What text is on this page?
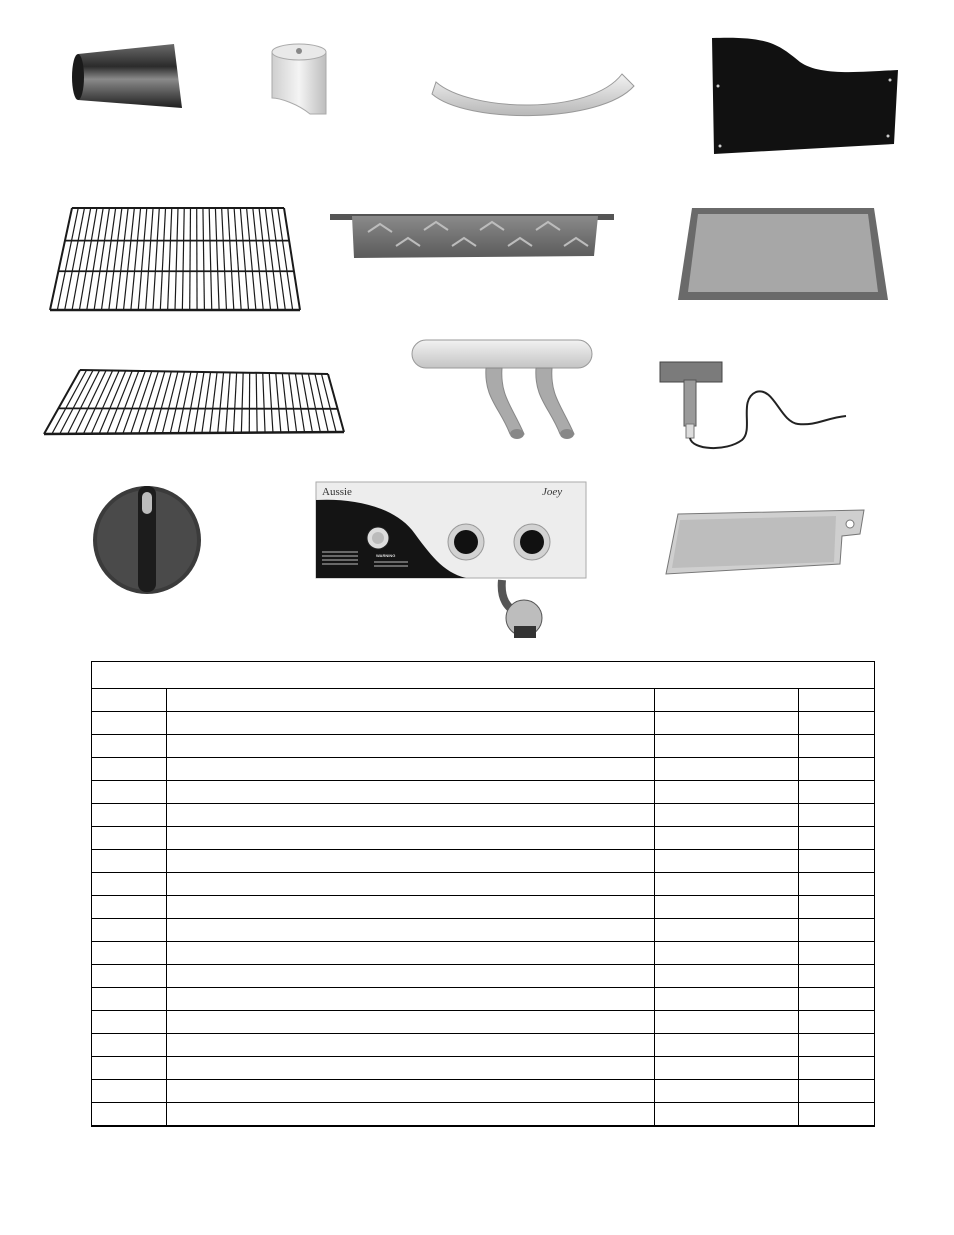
Aussie	Joey
WARNING
